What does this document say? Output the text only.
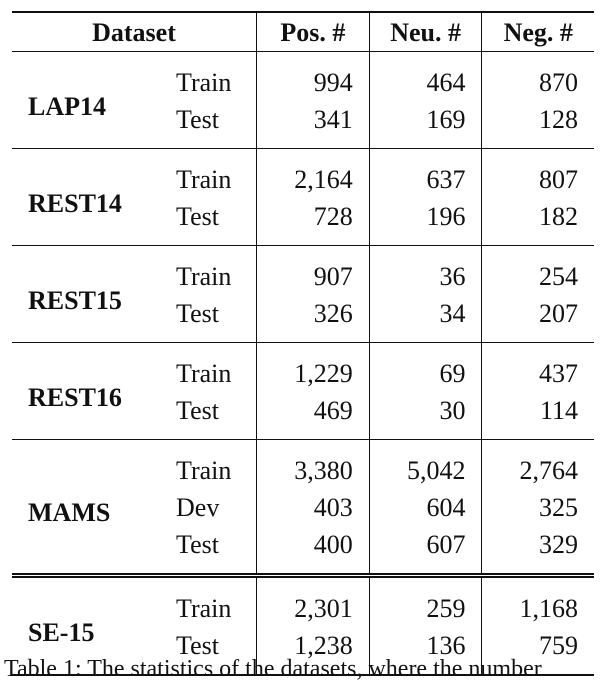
Dataset		Pos. #	Neu. #	Neg. #
LAP14	Train	994	464	870
	Test	341	169	128
REST14	Train	2,164	637	807
	Test	728	196	182
REST15	Train	907	36	254
	Test	326	34	207
REST16	Train	1,229	69	437
	Test	469	30	114
MAMS	Train	3,380	5,042	2,764
	Dev	403	604	325
	Test	400	607	329
SE-15	Train	2,301	259	1,168
	Test	1,238	136	759
Table 1: The statistics of the datasets, where the number
